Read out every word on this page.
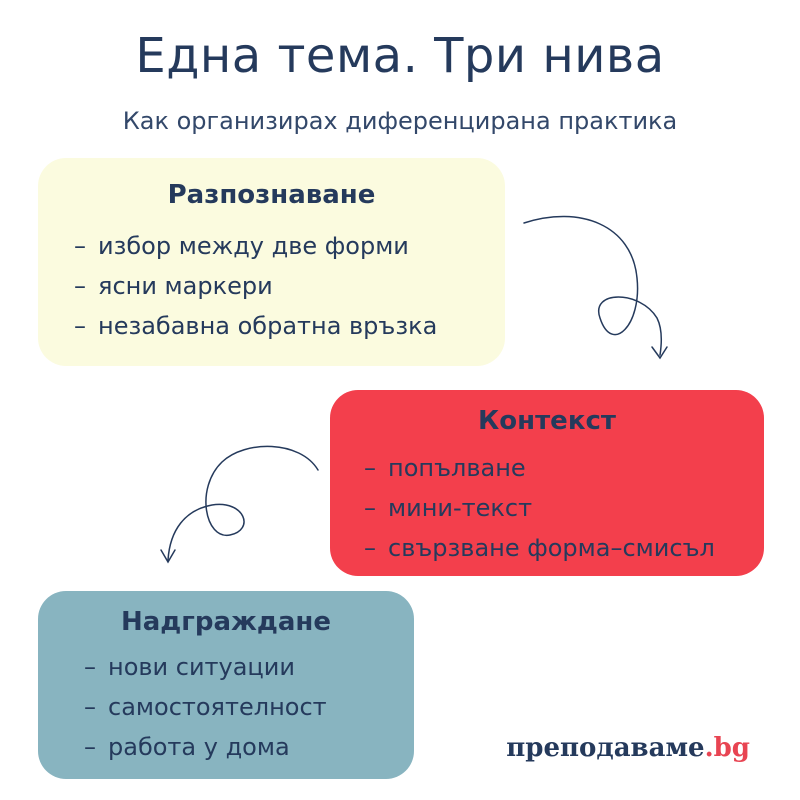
Една тема. Три нива
Как организирах диференцирана практика
Разпознаване
– избор между две форми
– ясни маркери
– незабавна обратна връзка
Контекст
– попълване
– мини-текст
– свързване форма–смисъл
Надграждане
– нови ситуации
– самостоятелност
– работа у дома	преподаваме.bg
